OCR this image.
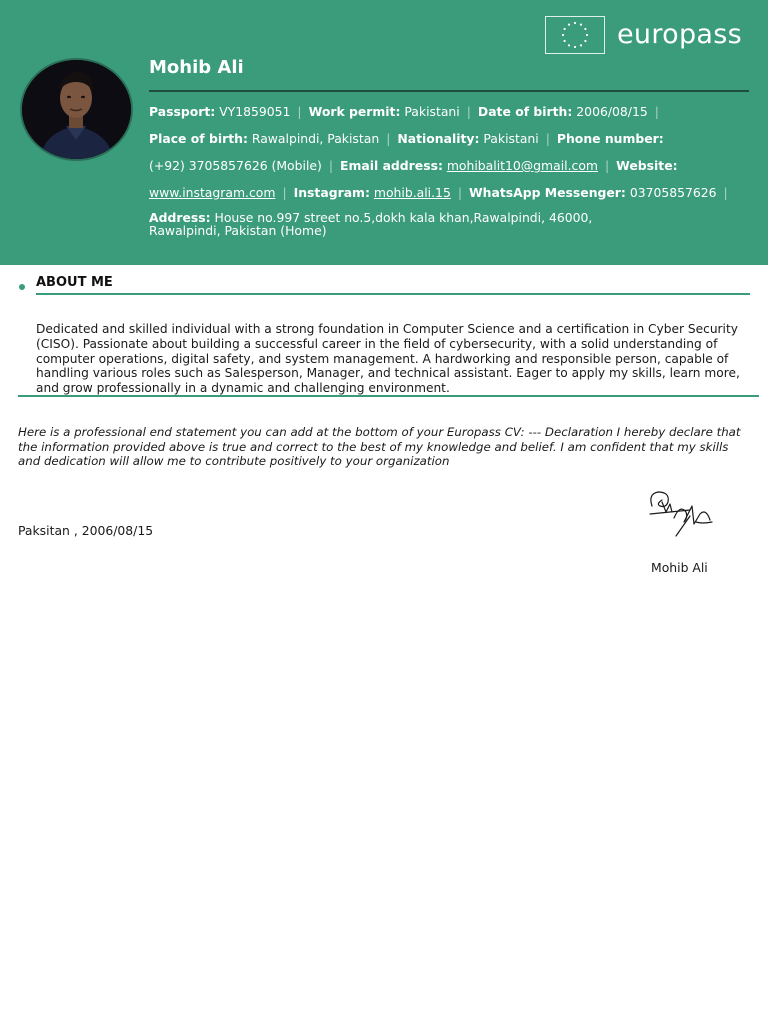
europass
Mohib Ali
Passport: VY1859051 | Work permit: Pakistani | Date of birth: 2006/08/15 |
Place of birth: Rawalpindi, Pakistan | Nationality: Pakistani | Phone number:
(+92) 3705857626 (Mobile) | Email address: mohibalit10@gmail.com | Website:
www.instagram.com | Instagram: mohib.ali.15 | WhatsApp Messenger: 03705857626 |
Address: House no.997 street no.5,dokh kala khan,Rawalpindi, 46000, Rawalpindi, Pakistan (Home)
ABOUT ME
Dedicated and skilled individual with a strong foundation in Computer Science and a certification in Cyber Security (CISO). Passionate about building a successful career in the field of cybersecurity, with a solid understanding of computer operations, digital safety, and system management. A hardworking and responsible person, capable of handling various roles such as Salesperson, Manager, and technical assistant. Eager to apply my skills, learn more, and grow professionally in a dynamic and challenging environment.
Here is a professional end statement you can add at the bottom of your Europass CV: --- Declaration I hereby declare that the information provided above is true and correct to the best of my knowledge and belief. I am confident that my skills and dedication will allow me to contribute positively to your organization
Paksitan , 2006/08/15
Mohib Ali
